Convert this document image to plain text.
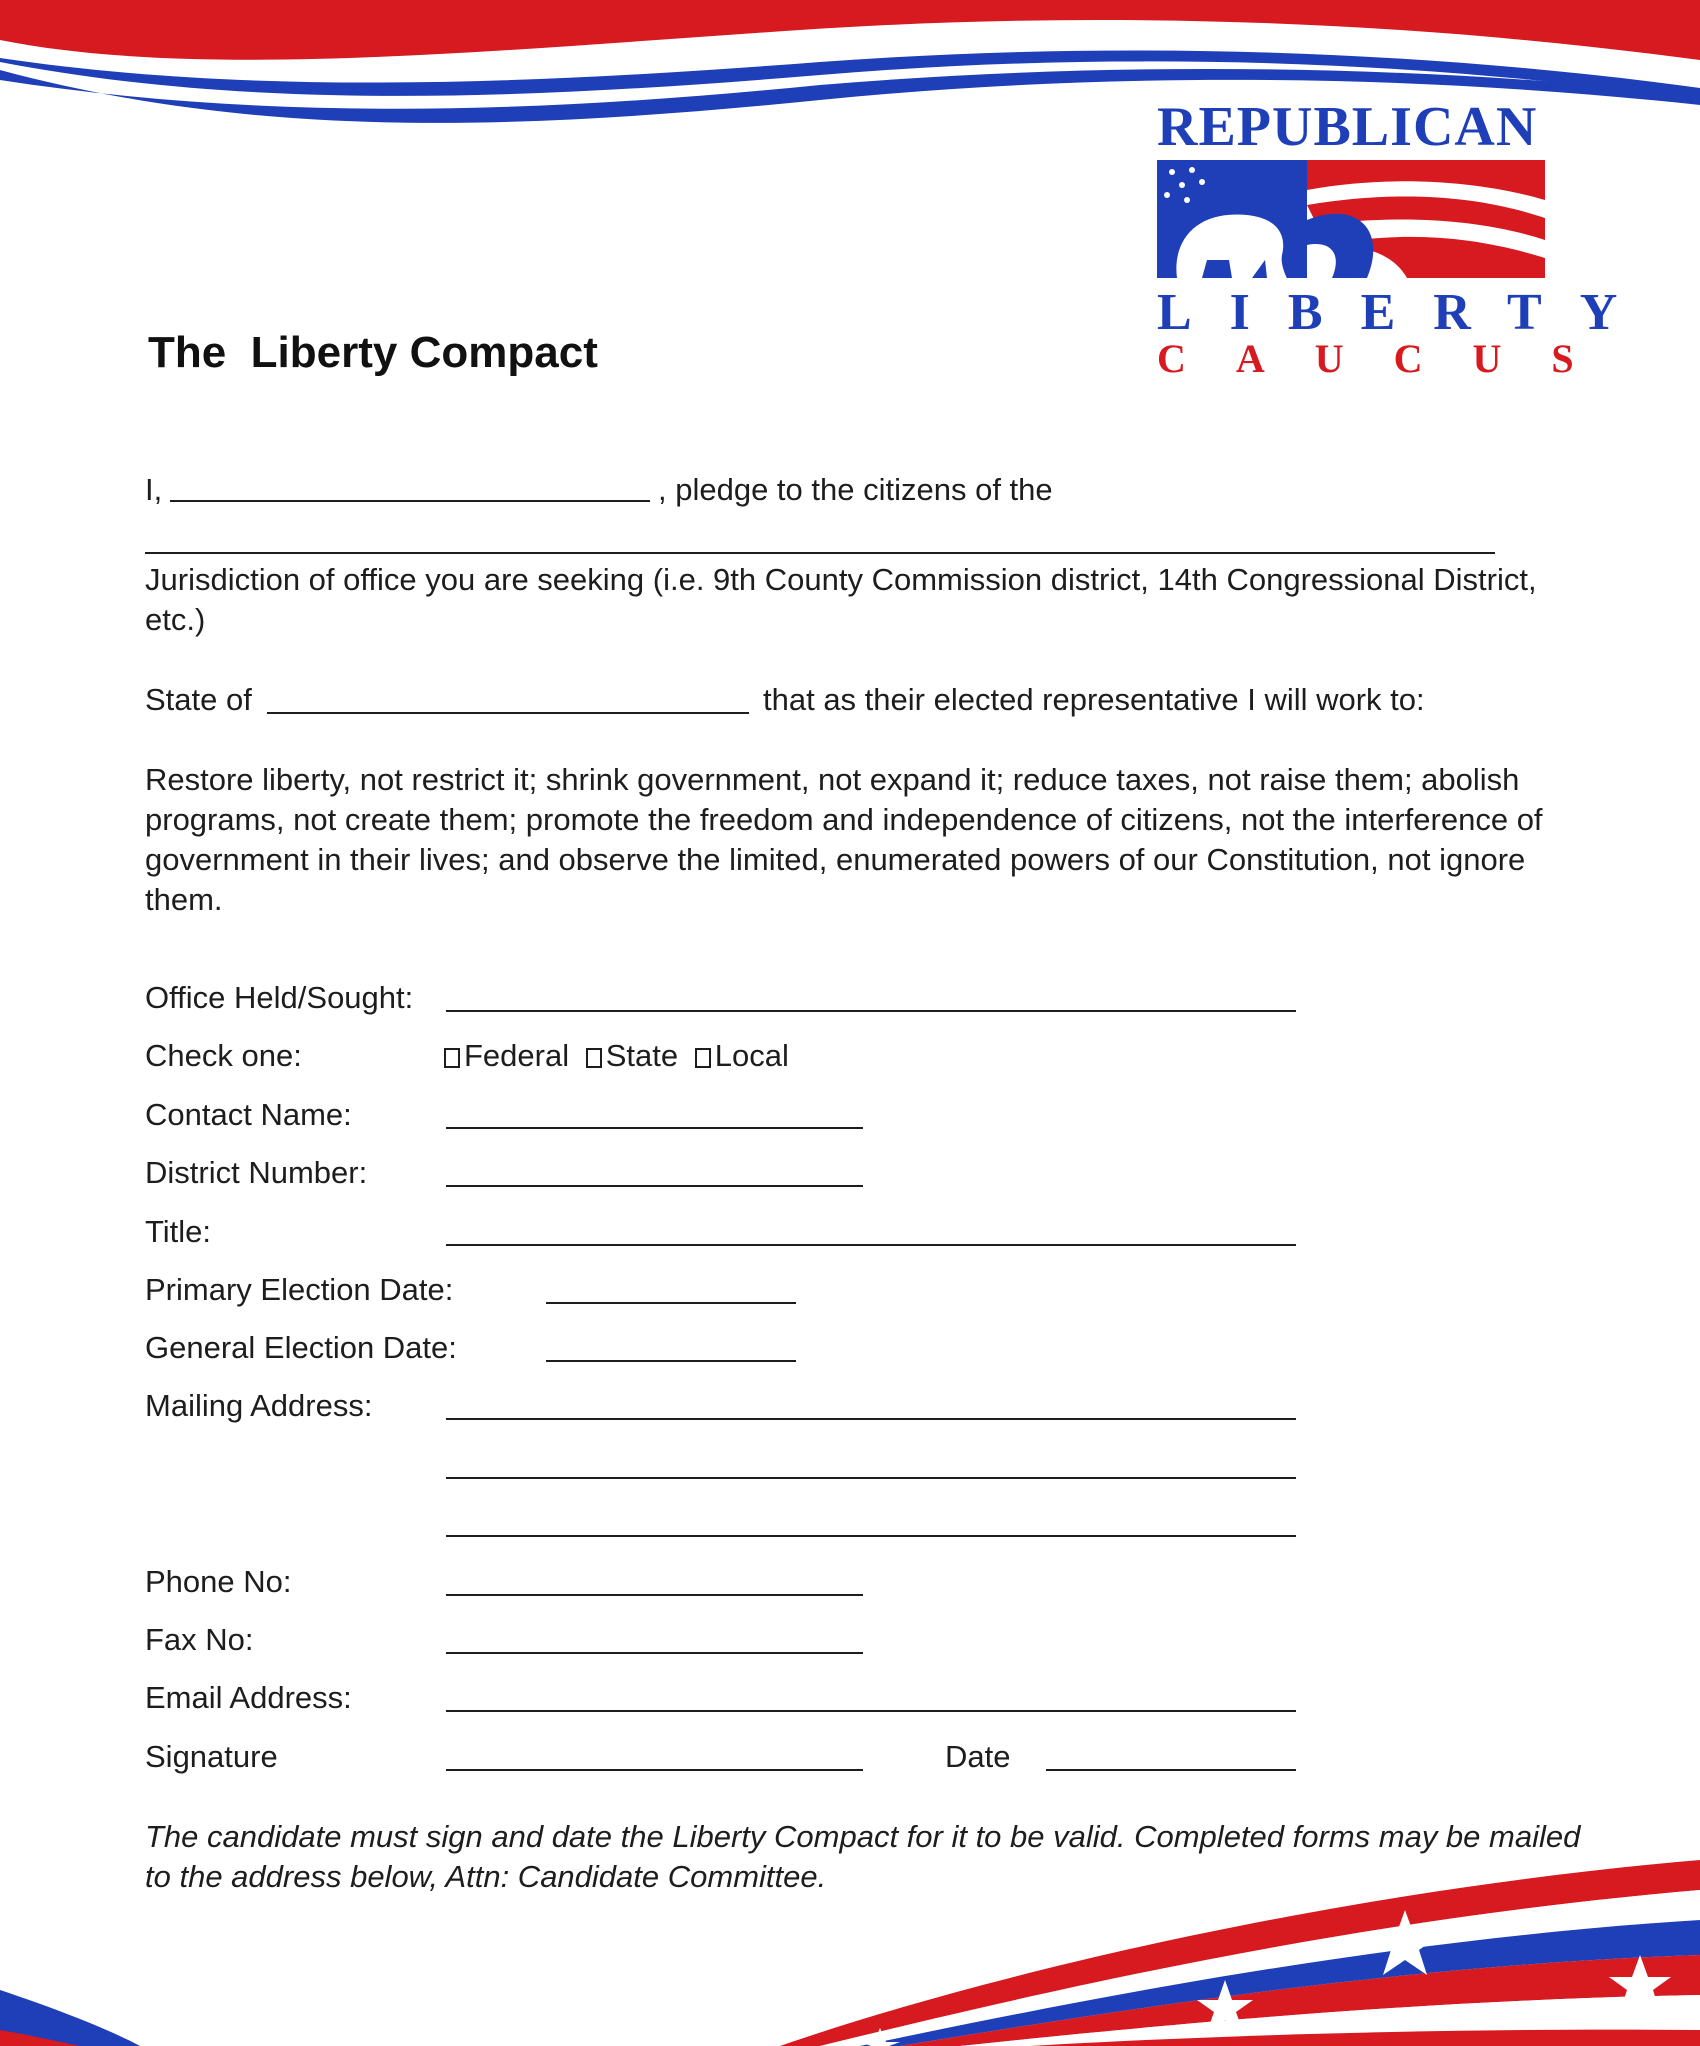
REPUBLICAN
LIBERTY
CAUCUS
The  Liberty Compact
I,	, pledge to the citizens of the
Jurisdiction of office you are seeking (i.e. 9th County Commission district, 14th Congressional District,
etc.)
State of	that as their elected representative I will work to:
Restore liberty, not restrict it; shrink government, not expand it; reduce taxes, not raise them; abolish programs, not create them; promote the freedom and independence of citizens, not the interference of government in their lives; and observe the limited, enumerated powers of our Constitution, not ignore them.
Office Held/Sought:
Check one:	Federal State Local
Contact Name:
District Number:
Title:
Primary Election Date:
General Election Date:
Mailing Address:
Phone No:
Fax No:
Email Address:
Signature	Date
The candidate must sign and date the Liberty Compact for it to be valid. Completed forms may be mailed
to the address below, Attn: Candidate Committee.
